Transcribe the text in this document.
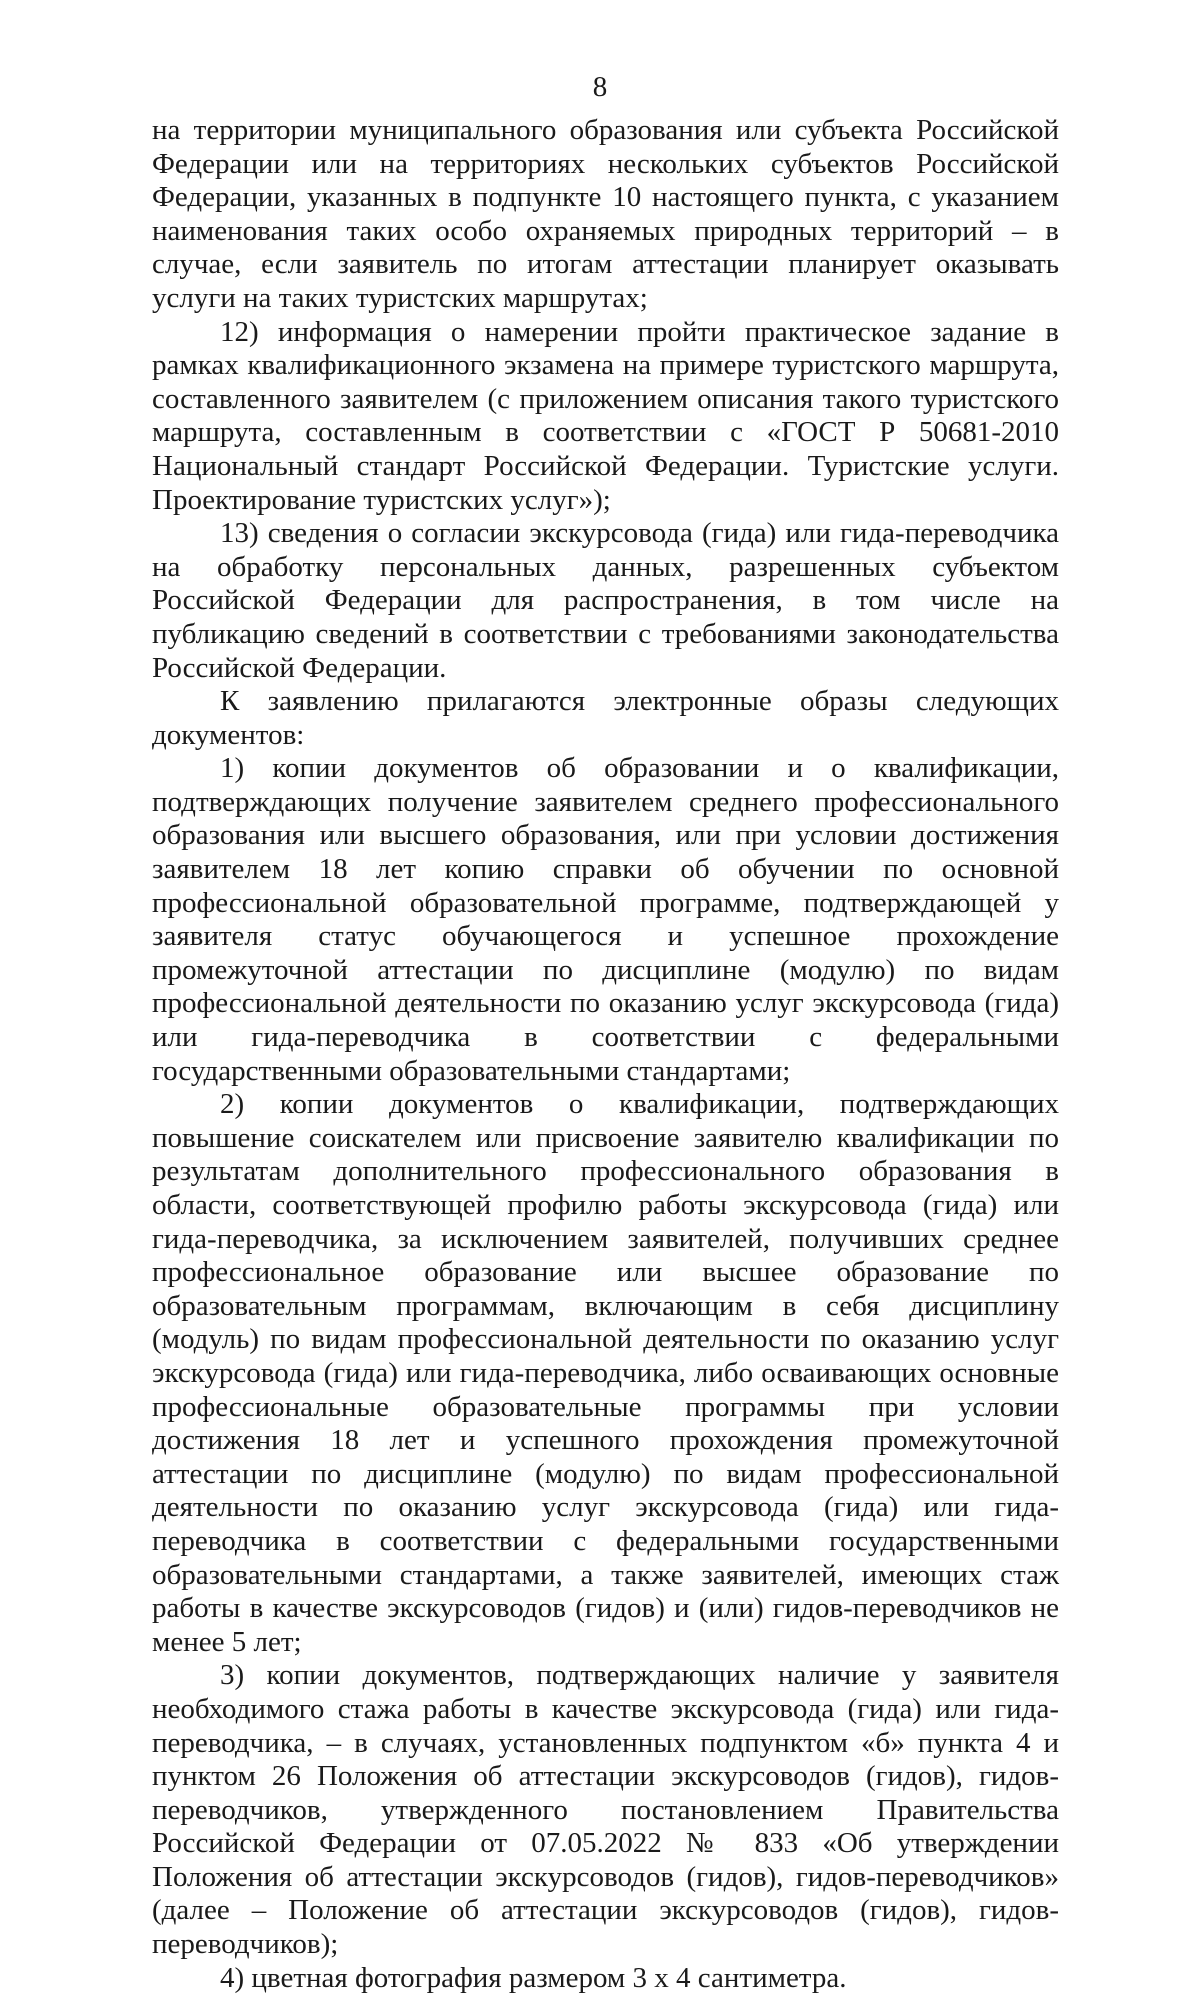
8

на территории муниципального образования или субъекта Российской Федерации или на территориях нескольких субъектов Российской Федерации, указанных в подпункте 10 настоящего пункта, с указанием наименования таких особо охраняемых природных территорий – в случае, если заявитель по итогам аттестации планирует оказывать услуги на таких туристских маршрутах;

12) информация о намерении пройти практическое задание в рамках квалификационного экзамена на примере туристского маршрута, составленного заявителем (с приложением описания такого туристского маршрута, составленным в соответствии с «ГОСТ Р 50681-2010 Национальный стандарт Российской Федерации. Туристские услуги. Проектирование туристских услуг»);

13) сведения о согласии экскурсовода (гида) или гида-переводчика на обработку персональных данных, разрешенных субъектом Российской Федерации для распространения, в том числе на публикацию сведений в соответствии с требованиями законодательства Российской Федерации.

К заявлению прилагаются электронные образы следующих документов:

1) копии документов об образовании и о квалификации, подтверждающих получение заявителем среднего профессионального образования или высшего образования, или при условии достижения заявителем 18 лет копию справки об обучении по основной профессиональной образовательной программе, подтверждающей у заявителя статус обучающегося и успешное прохождение промежуточной аттестации по дисциплине (модулю) по видам профессиональной деятельности по оказанию услуг экскурсовода (гида) или гида-переводчика в соответствии с федеральными государственными образовательными стандартами;

2) копии документов о квалификации, подтверждающих повышение соискателем или присвоение заявителю квалификации по результатам дополнительного профессионального образования в области, соответствующей профилю работы экскурсовода (гида) или гида-переводчика, за исключением заявителей, получивших среднее профессиональное образование или высшее образование по образовательным программам, включающим в себя дисциплину (модуль) по видам профессиональной деятельности по оказанию услуг экскурсовода (гида) или гида-переводчика, либо осваивающих основные профессиональные образовательные программы при условии достижения 18 лет и успешного прохождения промежуточной аттестации по дисциплине (модулю) по видам профессиональной деятельности по оказанию услуг экскурсовода (гида) или гида-переводчика в соответствии с федеральными государственными образовательными стандартами, а также заявителей, имеющих стаж работы в качестве экскурсоводов (гидов) и (или) гидов-переводчиков не менее 5 лет;

3) копии документов, подтверждающих наличие у заявителя необходимого стажа работы в качестве экскурсовода (гида) или гида-переводчика, – в случаях, установленных подпунктом «б» пункта 4 и пунктом 26 Положения об аттестации экскурсоводов (гидов), гидов-переводчиков, утвержденного постановлением Правительства Российской Федерации от 07.05.2022 № 833 «Об утверждении Положения об аттестации экскурсоводов (гидов), гидов-переводчиков» (далее – Положение об аттестации экскурсоводов (гидов), гидов-переводчиков);

4) цветная фотография размером 3 х 4 сантиметра.
